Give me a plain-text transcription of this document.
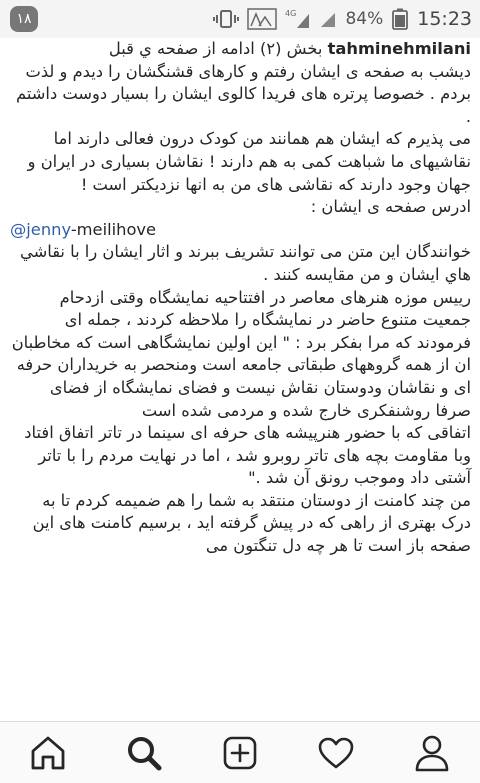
۱۸	4G	84% 15:23
tahminehmilani بخش (۲) ادامه از صفحه ي قبل
ديشب به صفحه ی ايشان رفتم و کارهای قشنگشان را ديدم و لذت بردم . خصوصا پرتره های فريدا کالوی ايشان را بسيار دوست داشتم .
می پذيرم که ايشان هم همانند من کودک درون فعالی دارند اما نقاشيهای ما شباهت كمی به هم دارند ! نقاشان بسياری در ايران و جهان وجود دارند که نقاشی های من به انها نزديکتر است !
ادرس صفحه ی ايشان :
@jenny-meilihove
خوانندگان اين متن می توانند تشريف ببرند و اثار ايشان را با نقاشي هاي ايشان و من مقايسه كنند .
رييس موزه هنرهای معاصر در افتتاحيه نمايشگاه وقتی ازدحام جمعيت متنوع حاضر در نمايشگاه را ملاحظه کردند ، جمله ای فرمودند که مرا بفکر برد : " اين اولين نمايشگاهی است که مخاطبان ان از همه گروههای طبقاتی جامعه است ومنحصر به خريداران حرفه ای و نقاشان ودوستان نقاش نيست و فضای نمايشگاه از فضای صرفا روشنفکری خارج شده و مردمی شده است
اتفاقی که با حضور هنرپيشه های حرفه ای سينما در تاتر اتفاق افتاد وبا مقاومت بچه های تاتر روبرو شد ، اما در نهايت مردم را با تاتر آشتی داد وموجب رونق آن شد ."
من چند کامنت از دوستان منتقد به شما را هم ضميمه کردم تا به درک بهتری از راهی که در پيش گرفته ايد ، برسيم کامنت های اين صفحه باز است تا هر چه دل تنگتون می
